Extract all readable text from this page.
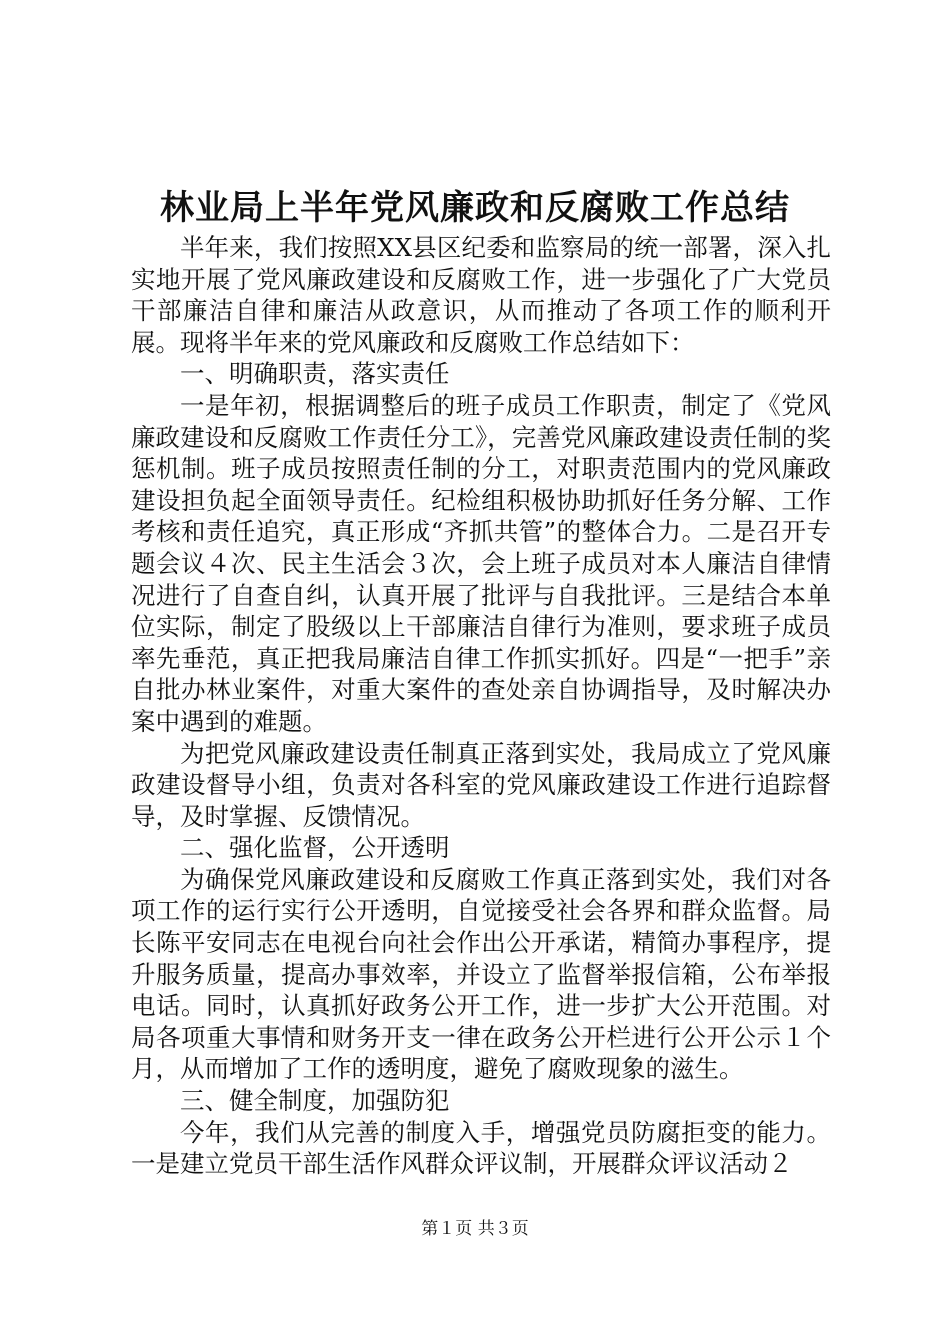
林业局上半年党风廉政和反腐败工作总结

半年来，我们按照XX县区纪委和监察局的统一部署，深入扎实地开展了党风廉政建设和反腐败工作，进一步强化了广大党员干部廉洁自律和廉洁从政意识，从而推动了各项工作的顺利开展。现将半年来的党风廉政和反腐败工作总结如下：

一、明确职责，落实责任

一是年初，根据调整后的班子成员工作职责，制定了《党风廉政建设和反腐败工作责任分工》，完善党风廉政建设责任制的奖惩机制。班子成员按照责任制的分工，对职责范围内的党风廉政建设担负起全面领导责任。纪检组积极协助抓好任务分解、工作考核和责任追究，真正形成“齐抓共管”的整体合力。二是召开专题会议４次、民主生活会３次，会上班子成员对本人廉洁自律情况进行了自查自纠，认真开展了批评与自我批评。三是结合本单位实际，制定了股级以上干部廉洁自律行为准则，要求班子成员率先垂范，真正把我局廉洁自律工作抓实抓好。四是“一把手”亲自批办林业案件，对重大案件的查处亲自协调指导，及时解决办案中遇到的难题。

为把党风廉政建设责任制真正落到实处，我局成立了党风廉政建设督导小组，负责对各科室的党风廉政建设工作进行追踪督导，及时掌握、反馈情况。

二、强化监督，公开透明

为确保党风廉政建设和反腐败工作真正落到实处，我们对各项工作的运行实行公开透明，自觉接受社会各界和群众监督。局长陈平安同志在电视台向社会作出公开承诺，精简办事程序，提升服务质量，提高办事效率，并设立了监督举报信箱，公布举报电话。同时，认真抓好政务公开工作，进一步扩大公开范围。对局各项重大事情和财务开支一律在政务公开栏进行公开公示１个月，从而增加了工作的透明度，避免了腐败现象的滋生。

三、健全制度，加强防犯

今年，我们从完善的制度入手，增强党员防腐拒变的能力。一是建立党员干部生活作风群众评议制，开展群众评议活动２

第１页 共３页
